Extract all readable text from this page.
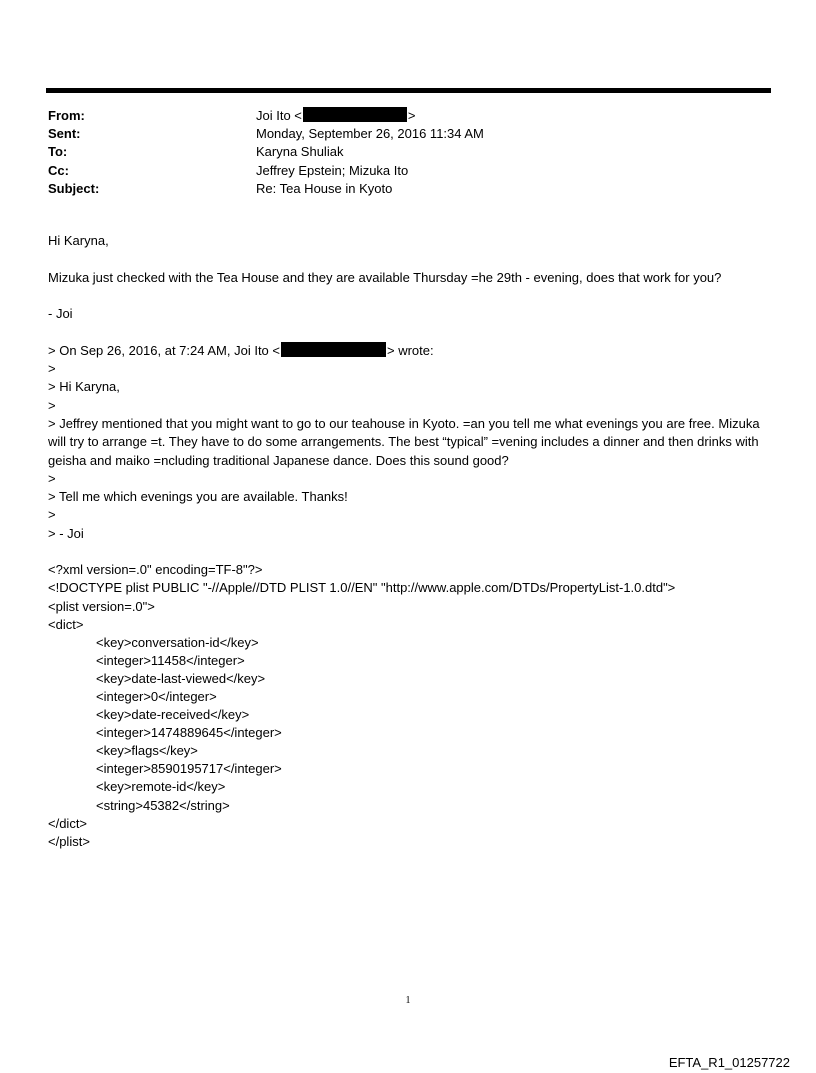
From:	Joi Ito <	>
Sent:	Monday, September 26, 2016 11:34 AM
To:	Karyna Shuliak
Cc:	Jeffrey Epstein; Mizuka Ito
Subject:	Re: Tea House in Kyoto
Hi Karyna,
Mizuka just checked with the Tea House and they are available Thursday =he 29th - evening, does that work for you?
- Joi
> On Sep 26, 2016, at 7:24 AM, Joi Ito <	> wrote:
>
> Hi Karyna,
>
> Jeffrey mentioned that you might want to go to our teahouse in Kyoto. =an you tell me what evenings you are free. Mizuka will try to arrange =t. They have to do some arrangements. The best “typical” =vening includes a dinner and then drinks with geisha and maiko =ncluding traditional Japanese dance. Does this sound good?
>
> Tell me which evenings you are available. Thanks!
>
> - Joi
<?xml version=.0" encoding=TF-8"?>
<!DOCTYPE plist PUBLIC "-//Apple//DTD PLIST 1.0//EN" "http://www.apple.com/DTDs/PropertyList-1.0.dtd">
<plist version=.0">
<dict>
<key>conversation-id</key>
<integer>11458</integer>
<key>date-last-viewed</key>
<integer>0</integer>
<key>date-received</key>
<integer>1474889645</integer>
<key>flags</key>
<integer>8590195717</integer>
<key>remote-id</key>
<string>45382</string>
</dict>
</plist>
1
EFTA_R1_01257722
